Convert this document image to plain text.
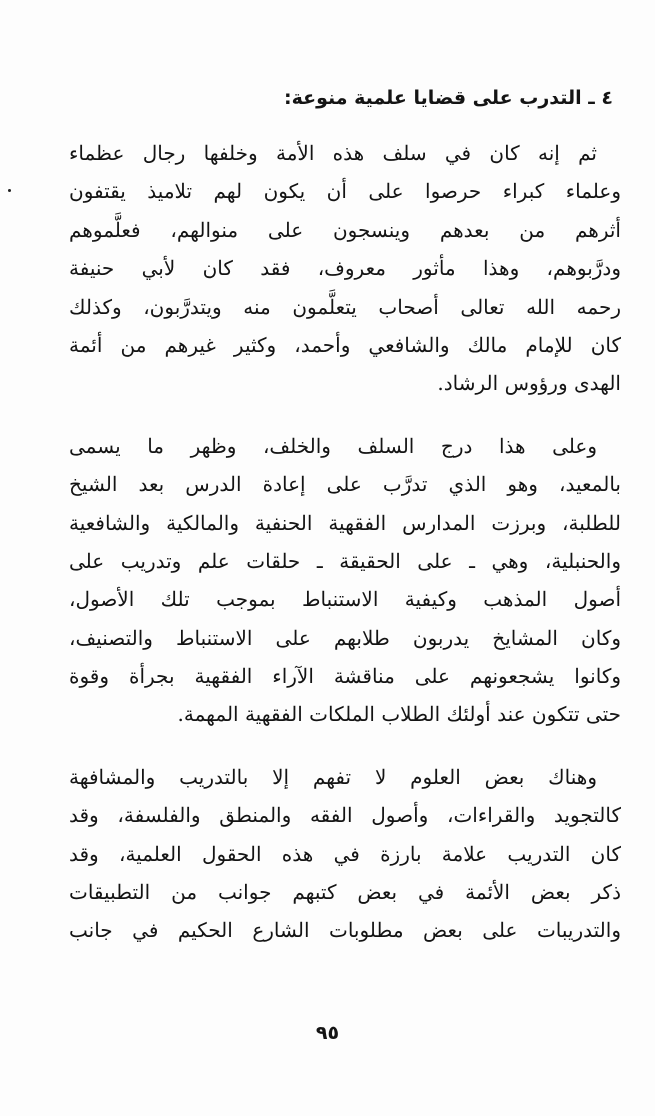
٤ ـ التدرب على قضايا علمية منوعة:
ثم إنه كان في سلف هذه الأمة وخلفها رجال عظماء
وعلماء كبراء حرصوا على أن يكون لهم تلاميذ يقتفون
أثرهم من بعدهم وينسجون على منوالهم، فعلَّموهم
ودرَّبوهم، وهذا مأثور معروف، فقد كان لأبي حنيفة
رحمه الله تعالى أصحاب يتعلَّمون منه ويتدرَّبون، وكذلك
كان للإمام مالك والشافعي وأحمد، وكثير غيرهم من أئمة
الهدى ورؤوس الرشاد.
وعلى هذا درج السلف والخلف، وظهر ما يسمى
بالمعيد، وهو الذي تدرَّب على إعادة الدرس بعد الشيخ
للطلبة، وبرزت المدارس الفقهية الحنفية والمالكية والشافعية
والحنبلية، وهي ـ على الحقيقة ـ حلقات علم وتدريب على
أصول المذهب وكيفية الاستنباط بموجب تلك الأصول،
وكان المشايخ يدربون طلابهم على الاستنباط والتصنيف،
وكانوا يشجعونهم على مناقشة الآراء الفقهية بجرأة وقوة
حتى تتكون عند أولئك الطلاب الملكات الفقهية المهمة.
وهناك بعض العلوم لا تفهم إلا بالتدريب والمشافهة
كالتجويد والقراءات، وأصول الفقه والمنطق والفلسفة، وقد
كان التدريب علامة بارزة في هذه الحقول العلمية، وقد
ذكر بعض الأئمة في بعض كتبهم جوانب من التطبيقات
والتدريبات على بعض مطلوبات الشارع الحكيم في جانب
٩٥
